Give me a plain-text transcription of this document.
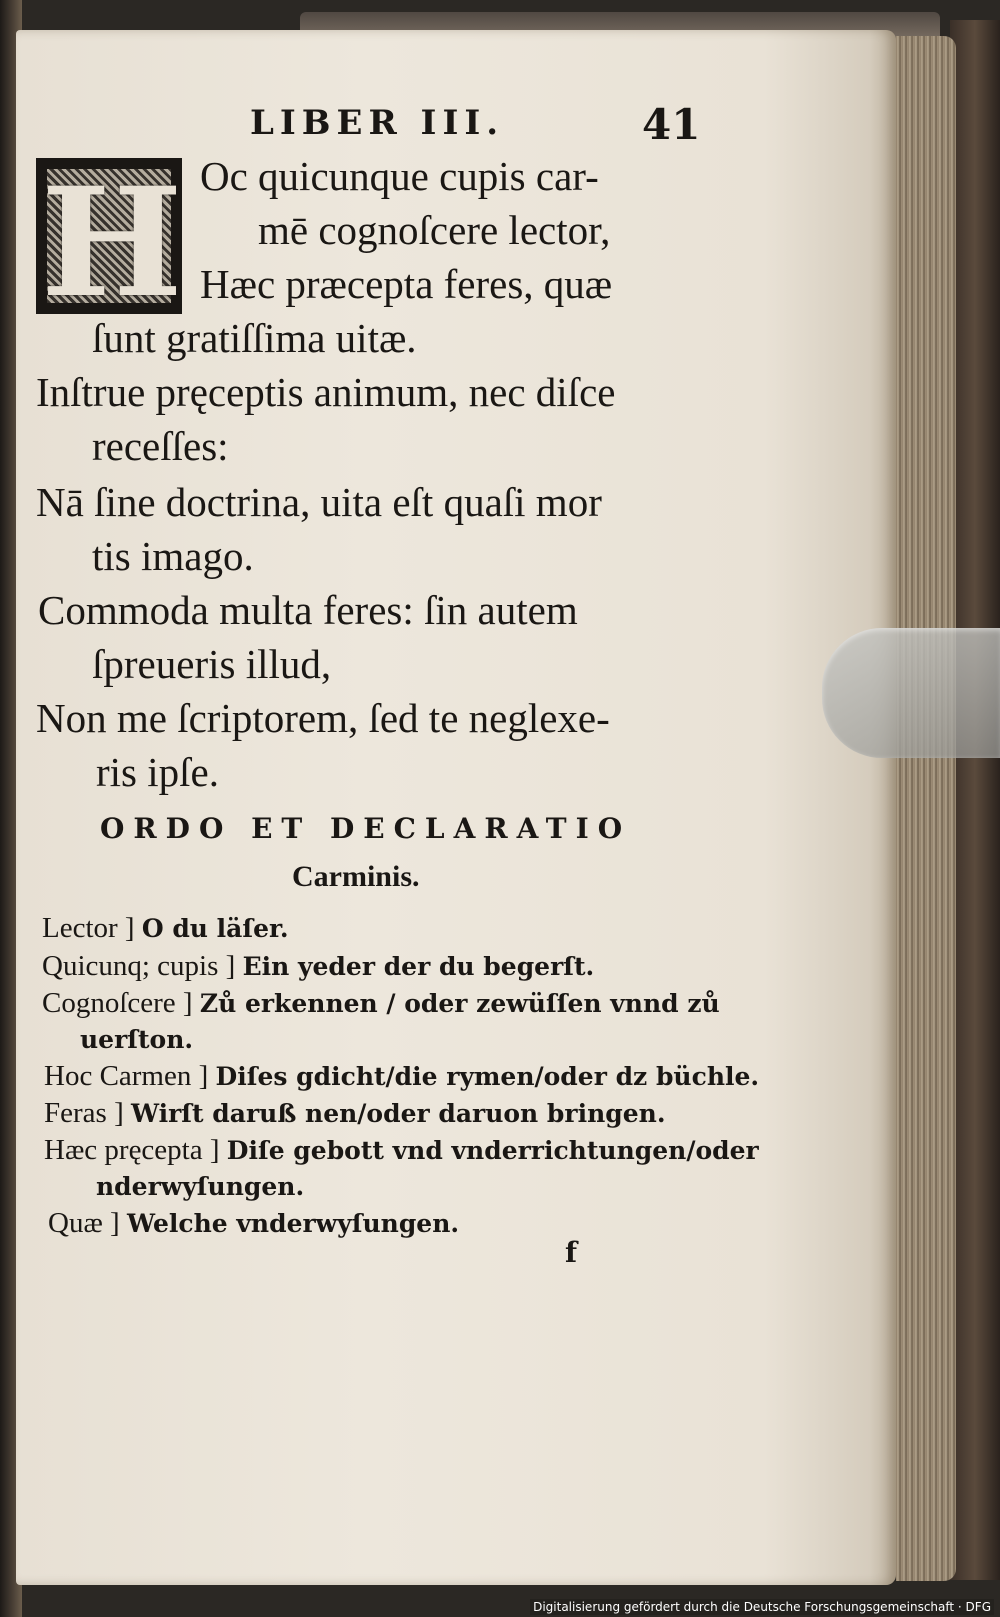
LIBER III.	41
H Oc quicunque cupis car-
mē cognoſcere lector,
Hæc præcepta feres, quæ
ſunt gratiſſima uitæ.
Inſtrue pręceptis animum, nec diſce
receſſes:
Nā ſine doctrina, uita eſt quaſi mor
tis imago.
Commoda multa feres: ſin autem
ſpreueris illud,
Non me ſcriptorem, ſed te neglexe-
ris ipſe.
ORDO ET DECLARATIO
Carminis.
Lector ] O du läſer.
Quicunq; cupis ] Ein yeder der du begerſt.
Cognoſcere ] Zů erkennen / oder zewüſſen vnnd zů
uerſton.
Hoc Carmen ] Diſes gdicht/die rymen/oder dz büchle.
Feras ] Wirſt daruß nen/oder daruon bringen.
Hæc pręcepta ] Diſe gebott vnd vnderrichtungen/oder
nderwyſungen.
Quæ ] Welche vnderwyſungen.
f
Digitalisierung gefördert durch die Deutsche Forschungsgemeinschaft · DFG
